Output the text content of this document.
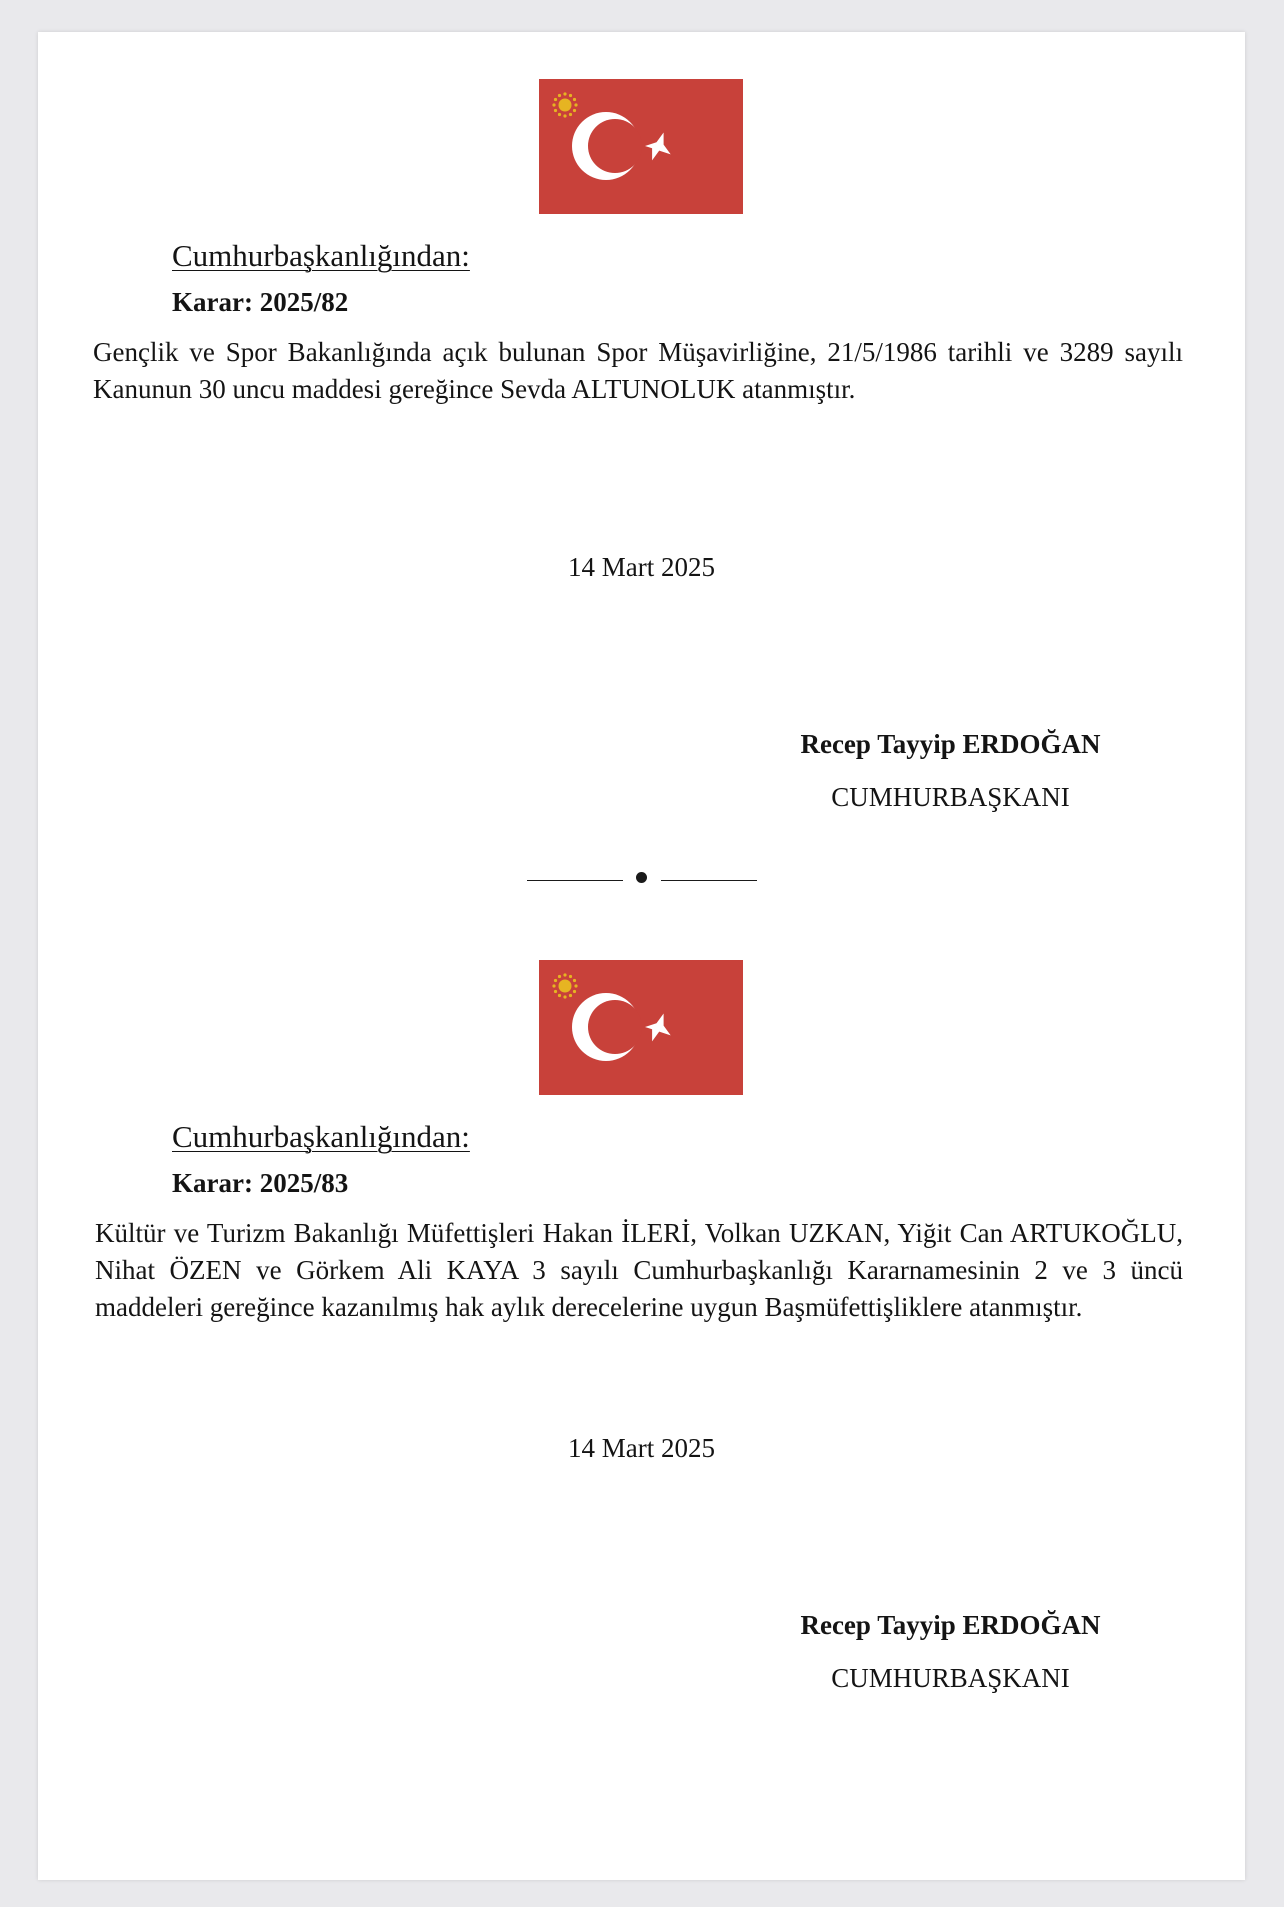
Cumhurbaşkanlığından:
Karar: 2025/82

Gençlik ve Spor Bakanlığında açık bulunan Spor Müşavirliğine, 21/5/1986 tarihli ve 3289 sayılı Kanunun 30 uncu maddesi gereğince Sevda ALTUNOLUK atanmıştır.

14 Mart 2025
Recep Tayyip ERDOĞAN
CUMHURBAŞKANI
Cumhurbaşkanlığından:
Karar: 2025/83

Kültür ve Turizm Bakanlığı Müfettişleri Hakan İLERİ, Volkan UZKAN, Yiğit Can ARTUKOĞLU, Nihat ÖZEN ve Görkem Ali KAYA 3 sayılı Cumhurbaşkanlığı Kararnamesinin 2 ve 3 üncü maddeleri gereğince kazanılmış hak aylık derecelerine uygun Başmüfettişliklere atanmıştır.

14 Mart 2025
Recep Tayyip ERDOĞAN
CUMHURBAŞKANI
